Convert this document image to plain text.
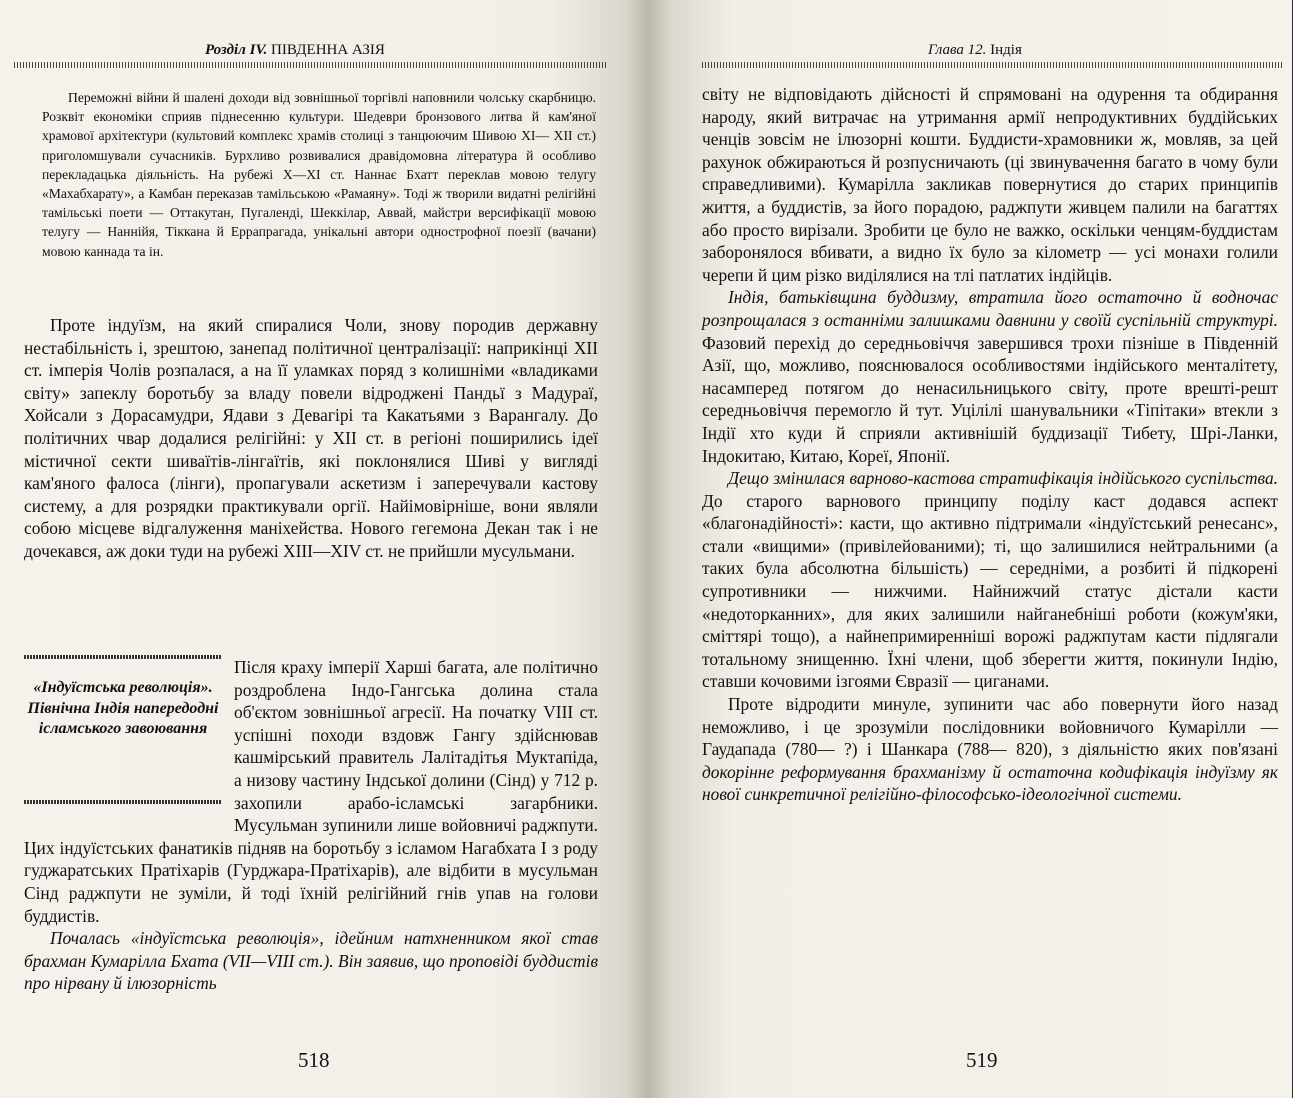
Розділ IV. ПІВДЕННА АЗІЯ

Переможні війни й шалені доходи від зовнішньої торгівлі наповнили чолську скарбницю. Розквіт економіки сприяв піднесенню культури. Шедеври бронзового литва й кам'яної храмової архітектури (культовий комплекс храмів столиці з танцюючим Шивою XI— XII ст.) приголомшували сучасників. Бурхливо розвивалися дравідомовна література й особливо перекладацька діяльність. На рубежі X—XI ст. Наннає Бхатт переклав мовою телугу «Махабхарату», а Камбан переказав тамільською «Рамаяну». Тоді ж творили видатні релігійні тамільські поети — Оттакутан, Пугалендi, Шеккілар, Аввай, майстри версифікації мовою телугу — Наннійя, Тіккана й Еррапрагада, унікальні автори однострофної поезії (вачани) мовою каннада та ін.

Проте індуїзм, на який спиралися Чоли, знову породив державну нестабільність і, зрештою, занепад політичної централізації: наприкінці XII ст. імперія Чолів розпалася, а на її уламках поряд з колишніми «владиками світу» запеклу боротьбу за владу повели відроджені Пандьї з Мадураї, Хойсали з Дорасамудри, Ядави з Девагірі та Какатьями з Варангалу. До політичних чвар додалися релігійні: у XII ст. в регіоні поширились ідеї містичної секти шиваїтів-лінгаїтів, які поклонялися Шиві у вигляді кам'яного фалоса (лінги), пропагували аскетизм і заперечували кастову систему, а для розрядки практикували оргії. Найімовірніше, вони являли собою місцеве відгалуження маніхейства. Нового гегемона Декан так і не дочекався, аж доки туди на рубежі XIII—XIV ст. не прийшли мусульмани.

«Індуїстська революція». Північна Індія напередодні ісламського завоювання

Після краху імперії Харші багата, але політично роздроблена Індо-Гангська долина стала об'єктом зовнішньої агресії. На початку VIII ст. успішні походи вздовж Гангу здійснював кашмірський правитель Лалітадітья Муктапіда, а низову частину Індської долини (Сінд) у 712 р. захопили арабо-ісламські загарбники. Мусульман зупинили лише войовничі раджпути. Цих індуїстських фанатиків підняв на боротьбу з ісламом Нагабхата І з роду гуджаратських Пратіхарів (Гурджара-Пратіхарів), але відбити в мусульман Сінд раджпути не зуміли, й тоді їхній релігійний гнів упав на голови буддистів.

Почалась «індуїстська революція», ідейним натхненником якої став брахман Кумарілла Бхата (VII—VIII ст.). Він заявив, що проповіді буддистів про нірвану й ілюзорність

518
Глава 12. Індія

світу не відповідають дійсності й спрямовані на одурення та обдирання народу, який витрачає на утримання армії непродуктивних буддійських ченців зовсім не ілюзорні кошти. Буддисти-храмовники ж, мовляв, за цей рахунок обжираються й розпусничають (ці звинувачення багато в чому були справедливими). Кумарілла закликав повернутися до старих принципів життя, а буддистів, за його порадою, раджпути живцем палили на багаттях або просто вирізали. Зробити це було не важко, оскільки ченцям-буддистам заборонялося вбивати, а видно їх було за кілометр — усі монахи голили черепи й цим різко виділялися на тлі патлатих індійців.

Індія, батьківщина буддизму, втратила його остаточно й водночас розпрощалася з останніми залишками давнини у своїй суспільній структурі. Фазовий перехід до середньовіччя завершився трохи пізніше в Південній Азії, що, можливо, пояснювалося особливостями індійського менталітету, насамперед потягом до ненасильницького світу, проте врешті-решт середньовіччя перемогло й тут. Уцілілі шанувальники «Тіпітаки» втекли з Індії хто куди й сприяли активнішій буддизації Тибету, Шрі-Ланки, Індокитаю, Китаю, Кореї, Японії.

Дещо змінилася варново-кастова стратифікація індійського суспільства. До старого варнового принципу поділу каст додався аспект «благонадійності»: касти, що активно підтримали «індуїстський ренесанс», стали «вищими» (привілейованими); ті, що залишилися нейтральними (а таких була абсолютна більшість) — середніми, а розбиті й підкорені супротивники — нижчими. Найнижчий статус дістали касти «недоторканних», для яких залишили найганебніші роботи (кожум'яки, сміттярі тощо), а найнепримиренніші ворожі раджпутам касти підлягали тотальному знищенню. Їхні члени, щоб зберегти життя, покинули Індію, ставши кочовими ізгоями Євразії — циганами.

Проте відродити минуле, зупинити час або повернути його назад неможливо, і це зрозуміли послідовники войовничого Кумарілли — Гаудапада (780— ?) і Шанкара (788— 820), з діяльністю яких пов'язані докорінне реформування брахманізму й остаточна кодифікація індуїзму як нової синкретичної релігійно-філософсько-ідеологічної системи.

519
